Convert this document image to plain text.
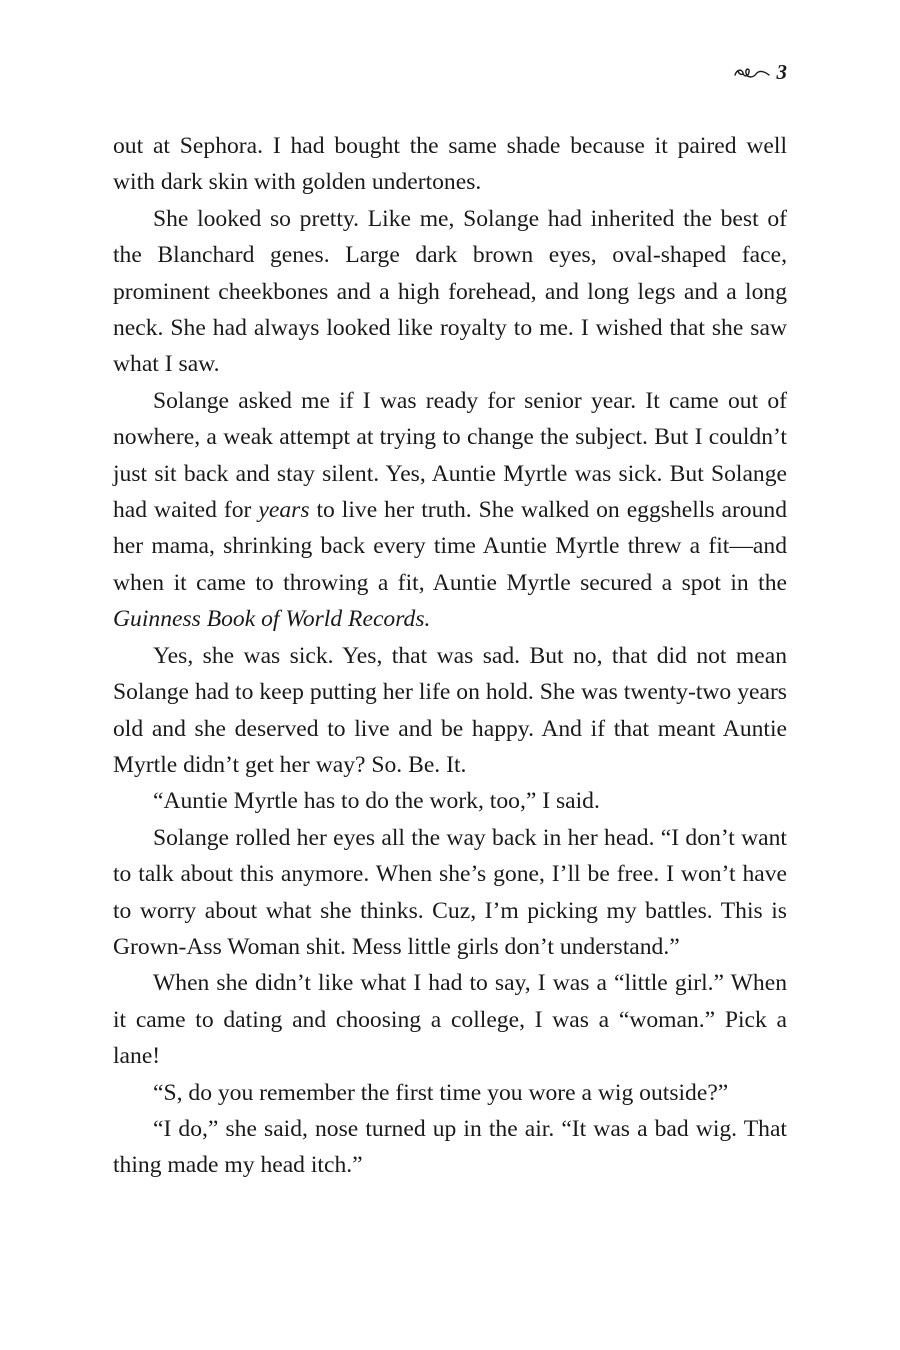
3

out at Sephora. I had bought the same shade because it paired well with dark skin with golden undertones.

She looked so pretty. Like me, Solange had inherited the best of the Blanchard genes. Large dark brown eyes, oval-shaped face, prominent cheekbones and a high forehead, and long legs and a long neck. She had always looked like royalty to me. I wished that she saw what I saw.

Solange asked me if I was ready for senior year. It came out of nowhere, a weak attempt at trying to change the subject. But I couldn’t just sit back and stay silent. Yes, Auntie Myrtle was sick. But Solange had waited for years to live her truth. She walked on eggshells around her mama, shrinking back every time Auntie Myrtle threw a fit—and when it came to throwing a fit, Auntie Myrtle secured a spot in the Guinness Book of World Records.

Yes, she was sick. Yes, that was sad. But no, that did not mean Solange had to keep putting her life on hold. She was twenty-two years old and she deserved to live and be happy. And if that meant Auntie Myrtle didn’t get her way? So. Be. It.

“Auntie Myrtle has to do the work, too,” I said.

Solange rolled her eyes all the way back in her head. “I don’t want to talk about this anymore. When she’s gone, I’ll be free. I won’t have to worry about what she thinks. Cuz, I’m picking my battles. This is Grown-Ass Woman shit. Mess little girls don’t understand.”

When she didn’t like what I had to say, I was a “little girl.” When it came to dating and choosing a college, I was a “woman.” Pick a lane!

“S, do you remember the first time you wore a wig outside?”

“I do,” she said, nose turned up in the air. “It was a bad wig. That thing made my head itch.”
